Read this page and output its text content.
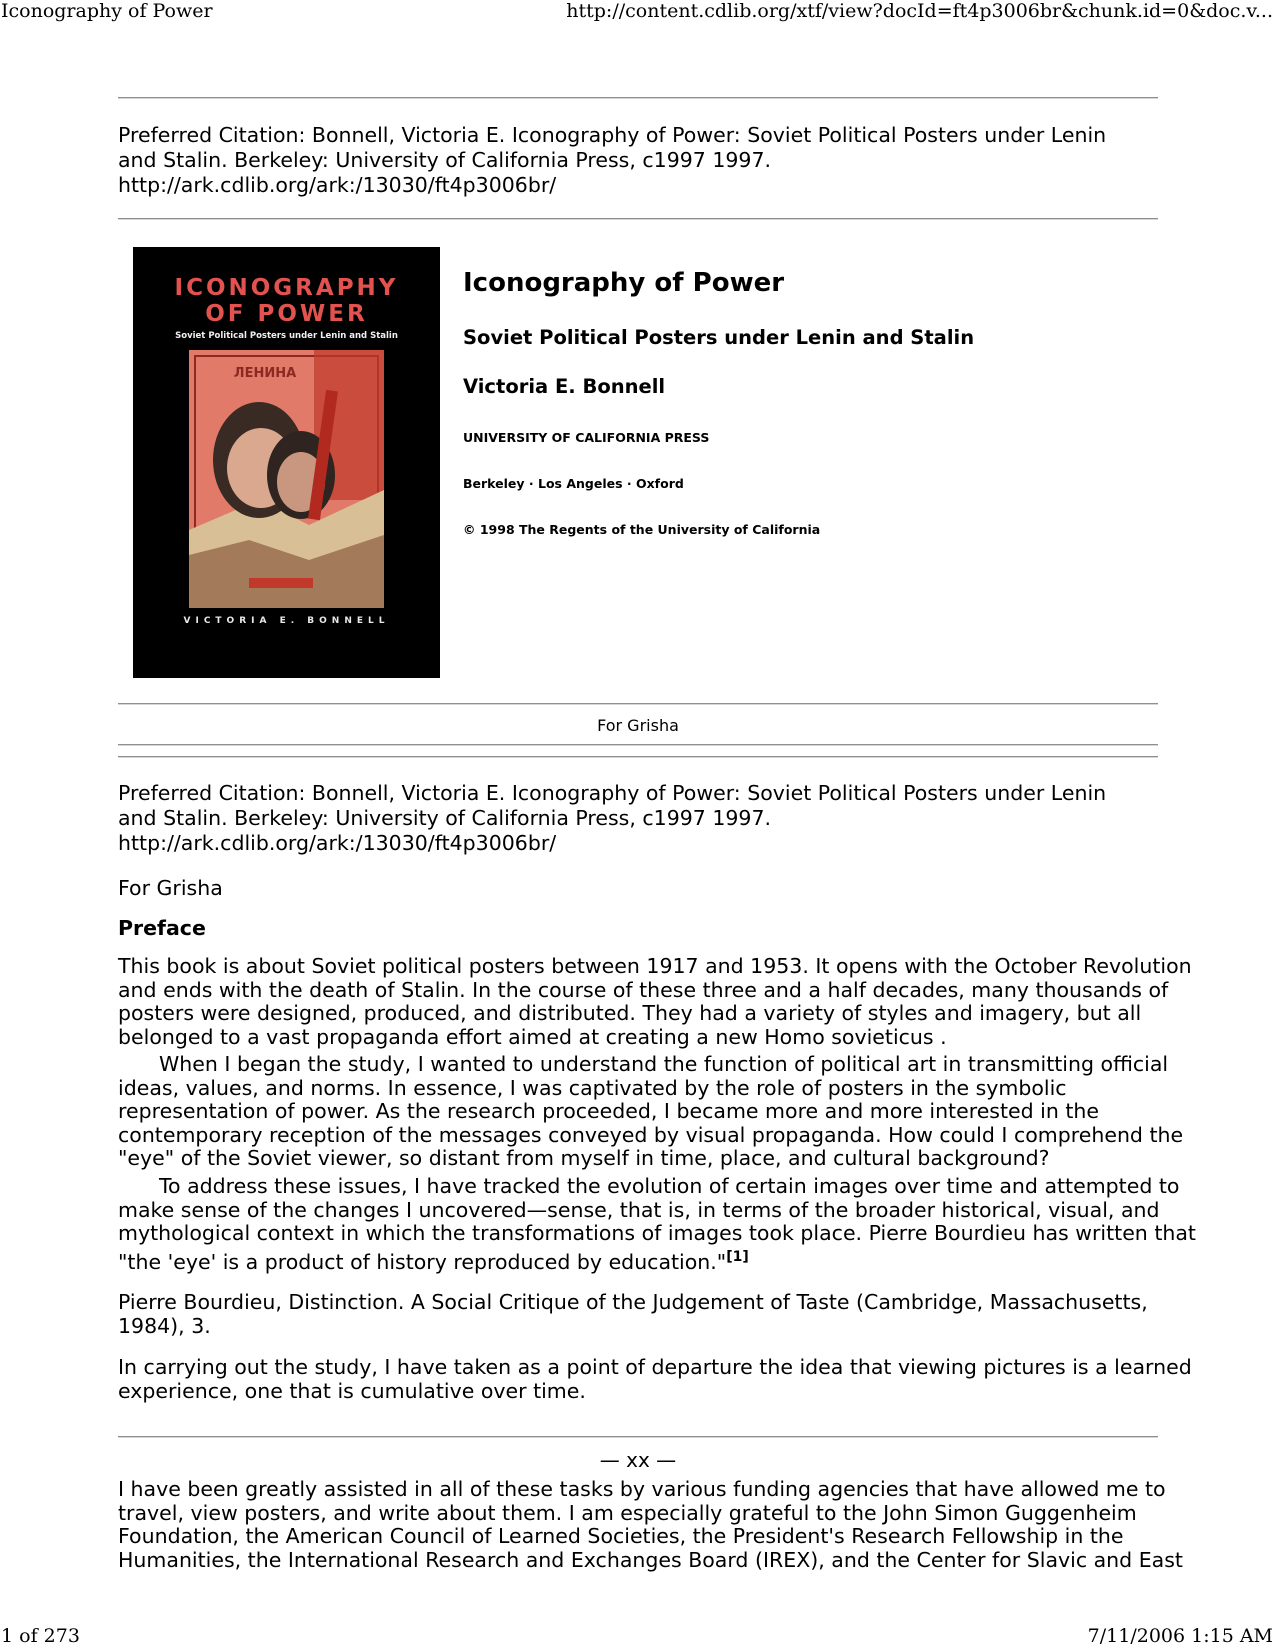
Iconography of Power	http://content.cdlib.org/xtf/view?docId=ft4p3006br&chunk.id=0&doc.v...
Preferred Citation: Bonnell, Victoria E. Iconography of Power: Soviet Political Posters under Lenin
and Stalin. Berkeley: University of California Press, c1997 1997.
http://ark.cdlib.org/ark:/13030/ft4p3006br/
ICONOGRAPHY
OF POWER
Soviet Political Posters under Lenin and Stalin
ЛЕНИНА
VICTORIA E. BONNELL
Iconography of Power
Soviet Political Posters under Lenin and Stalin
Victoria E. Bonnell
UNIVERSITY OF CALIFORNIA PRESS
Berkeley · Los Angeles · Oxford
© 1998 The Regents of the University of California
For Grisha
Preferred Citation: Bonnell, Victoria E. Iconography of Power: Soviet Political Posters under Lenin
and Stalin. Berkeley: University of California Press, c1997 1997.
http://ark.cdlib.org/ark:/13030/ft4p3006br/
For Grisha
Preface
This book is about Soviet political posters between 1917 and 1953. It opens with the October Revolution
and ends with the death of Stalin. In the course of these three and a half decades, many thousands of
posters were designed, produced, and distributed. They had a variety of styles and imagery, but all
belonged to a vast propaganda effort aimed at creating a new Homo sovieticus .
When I began the study, I wanted to understand the function of political art in transmitting official
ideas, values, and norms. In essence, I was captivated by the role of posters in the symbolic
representation of power. As the research proceeded, I became more and more interested in the
contemporary reception of the messages conveyed by visual propaganda. How could I comprehend the
"eye" of the Soviet viewer, so distant from myself in time, place, and cultural background?
To address these issues, I have tracked the evolution of certain images over time and attempted to
make sense of the changes I uncovered—sense, that is, in terms of the broader historical, visual, and
mythological context in which the transformations of images took place. Pierre Bourdieu has written that
"the 'eye' is a product of history reproduced by education."[1]
Pierre Bourdieu, Distinction. A Social Critique of the Judgement of Taste (Cambridge, Massachusetts,
1984), 3.
In carrying out the study, I have taken as a point of departure the idea that viewing pictures is a learned
experience, one that is cumulative over time.
— xx —
I have been greatly assisted in all of these tasks by various funding agencies that have allowed me to
travel, view posters, and write about them. I am especially grateful to the John Simon Guggenheim
Foundation, the American Council of Learned Societies, the President's Research Fellowship in the
Humanities, the International Research and Exchanges Board (IREX), and the Center for Slavic and East
1 of 273	7/11/2006 1:15 AM
